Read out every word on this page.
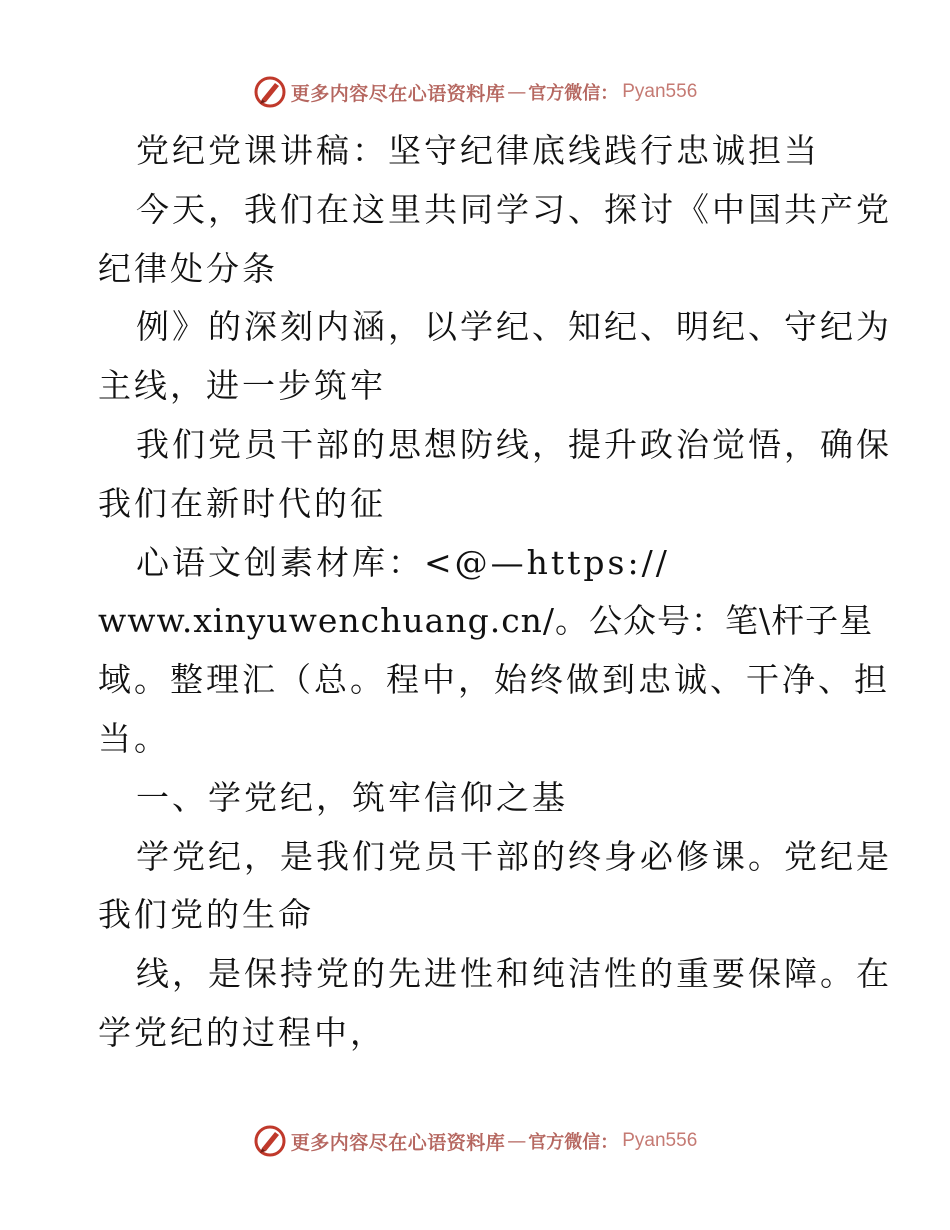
更多内容尽在心语资料库 — 官方微信： Pyan556
党纪党课讲稿：坚守纪律底线践行忠诚担当
今天，我们在这里共同学习、探讨《中国共产党
纪律处分条
例》的深刻内涵，以学纪、知纪、明纪、守纪为
主线，进一步筑牢
我们党员干部的思想防线，提升政治觉悟，确保
我们在新时代的征
心语文创素材库：<@—https://
www.xinyuwenchuang.cn/。公众号：笔\杆子星
域。整理汇（总。程中，始终做到忠诚、干净、担
当。
一、学党纪，筑牢信仰之基
学党纪，是我们党员干部的终身必修课。党纪是
我们党的生命
线，是保持党的先进性和纯洁性的重要保障。在
学党纪的过程中，
更多内容尽在心语资料库 — 官方微信： Pyan556
